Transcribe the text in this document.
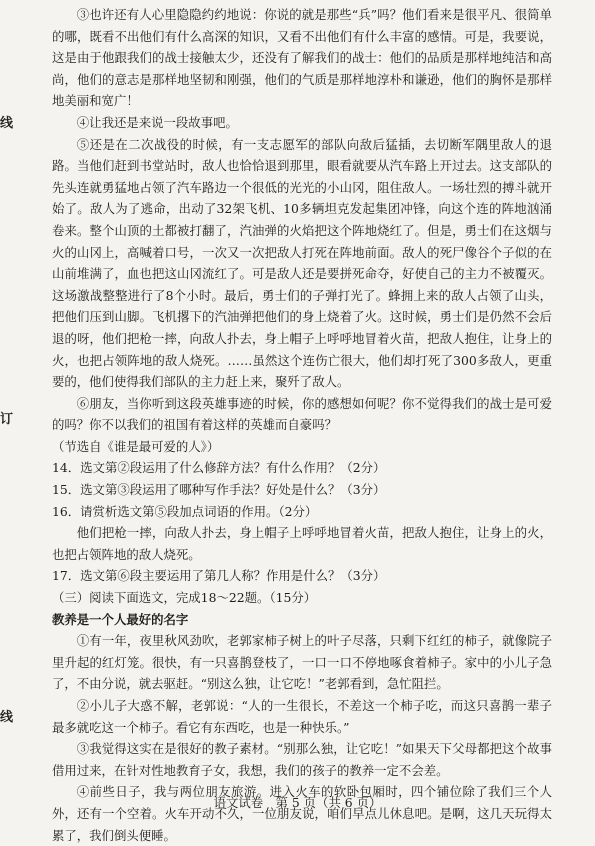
线
订
线

③也许还有人心里隐隐约约地说：你说的就是那些“兵”吗？他们看来是很平凡、很简单的哪，既看不出他们有什么高深的知识，又看不出他们有什么丰富的感情。可是，我要说，这是由于他跟我们的战士接触太少，还没有了解我们的战士：他们的品质是那样地纯洁和高尚，他们的意志是那样地坚韧和刚强，他们的气质是那样地淳朴和谦逊，他们的胸怀是那样地美丽和宽广！

④让我还是来说一段故事吧。

⑤还是在二次战役的时候，有一支志愿军的部队向敌后猛插，去切断军隅里敌人的退路。当他们赶到书堂站时，敌人也恰恰退到那里，眼看就要从汽车路上开过去。这支部队的先头连就勇猛地占领了汽车路边一个很低的光光的小山冈，阻住敌人。一场壮烈的搏斗就开始了。敌人为了逃命，出动了32架飞机、10多辆坦克发起集团冲锋，向这个连的阵地汹涌卷来。整个山顶的土都被打翻了，汽油弹的火焰把这个阵地烧红了。但是，勇士们在这烟与火的山冈上，高喊着口号，一次又一次把敌人打死在阵地前面。敌人的死尸像谷个子似的在山前堆满了，血也把这山冈流红了。可是敌人还是要拼死命夺，好使自己的主力不被覆灭。这场激战整整进行了8个小时。最后，勇士们的子弹打光了。蜂拥上来的敌人占领了山头，把他们压到山脚。飞机撂下的汽油弹把他们的身上烧着了火。这时候，勇士们是仍然不会后退的呀，他们把枪一摔，向敌人扑去，身上帽子上呼呼地冒着火苗，把敌人抱住，让身上的火，也把占领阵地的敌人烧死。……虽然这个连伤亡很大，他们却打死了300多敌人，更重要的，他们使得我们部队的主力赶上来，聚歼了敌人。

⑥朋友，当你听到这段英雄事迹的时候，你的感想如何呢？你不觉得我们的战士是可爱的吗？你不以我们的祖国有着这样的英雄而自豪吗？

（节选自《谁是最可爱的人》）

14．选文第②段运用了什么修辞方法？有什么作用？（2分）

15．选文第③段运用了哪种写作手法？好处是什么？（3分）

16．请赏析选文第⑤段加点词语的作用。（2分）

他们把枪一摔，向敌人扑去，身上帽子上呼呼地冒着火苗，把敌人抱住，让身上的火，也把占领阵地的敌人烧死。

17．选文第⑥段主要运用了第几人称？作用是什么？（3分）

（三）阅读下面选文，完成18～22题。（15分）

教养是一个人最好的名字

①有一年，夜里秋风劲吹，老郭家柿子树上的叶子尽落，只剩下红红的柿子，就像院子里升起的红灯笼。很快，有一只喜鹊登枝了，一口一口不停地啄食着柿子。家中的小儿子急了，不由分说，就去驱赶。“别这么独，让它吃！”老郭看到，急忙阻拦。

②小儿子大惑不解，老郭说：“人的一生很长，不差这一个柿子吃，而这只喜鹊一辈子最多就吃这一个柿子。看它有东西吃，也是一种快乐。”

③我觉得这实在是很好的教子素材。“别那么独，让它吃！”如果天下父母都把这个故事借用过来，在针对性地教育子女，我想，我们的孩子的教养一定不会差。

④前些日子，我与两位朋友旅游。进入火车的软卧包厢时，四个铺位除了我们三个人外，还有一个空着。火车开动不久，一位朋友说，咱们早点儿休息吧。是啊，这几天玩得太累了，我们倒头便睡。

语文试卷　第 5 页（共 6 页）
